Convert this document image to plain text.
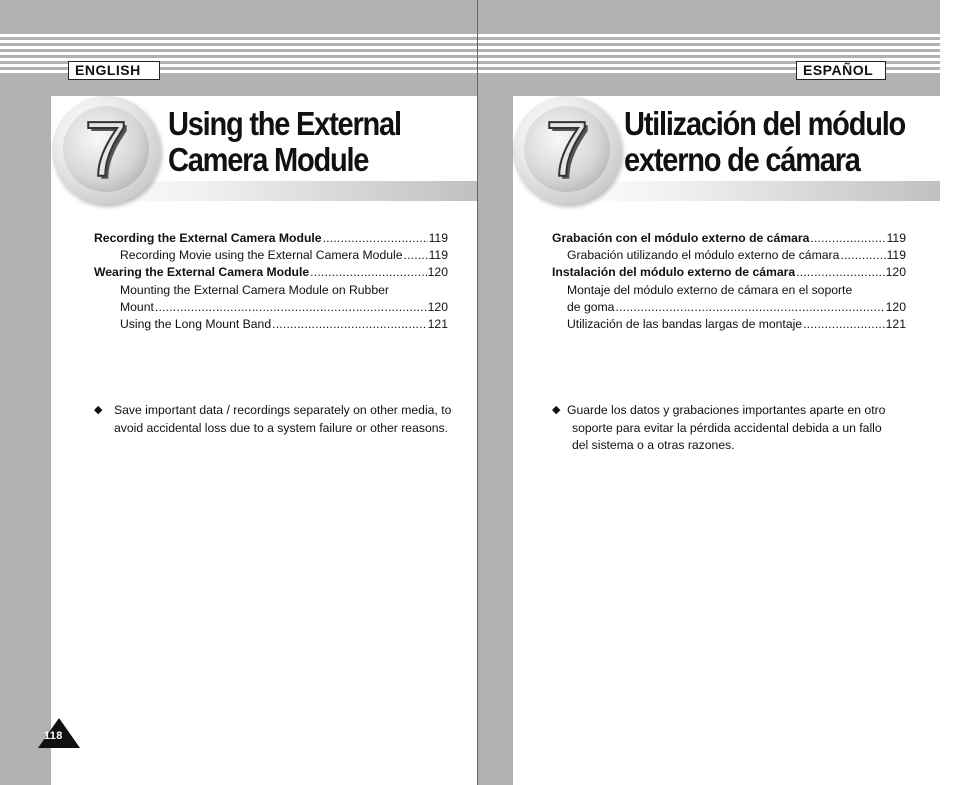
ENGLISH
7	Using the External
Camera Module
Recording the External Camera Module .....	119
Recording Movie using the External Camera Module ..... 119
Wearing the External Camera Module .....	120
Mounting the External Camera Module on Rubber
Mount .....	120
Using the Long Mount Band .....	121
◆ Save important data / recordings separately on other media, to
avoid accidental loss due to a system failure or other reasons.
118
ESPAÑOL
7	Utilización del módulo
externo de cámara
Grabación con el módulo externo de cámara .....	119
Grabación utilizando el módulo externo de cámara .....	119
Instalación del módulo externo de cámara .....	120
Montaje del módulo externo de cámara en el soporte
de goma .....	120
Utilización de las bandas largas de montaje .....	121
◆ Guarde los datos y grabaciones importantes aparte en otro
soporte para evitar la pérdida accidental debida a un fallo
del sistema o a otras razones.
